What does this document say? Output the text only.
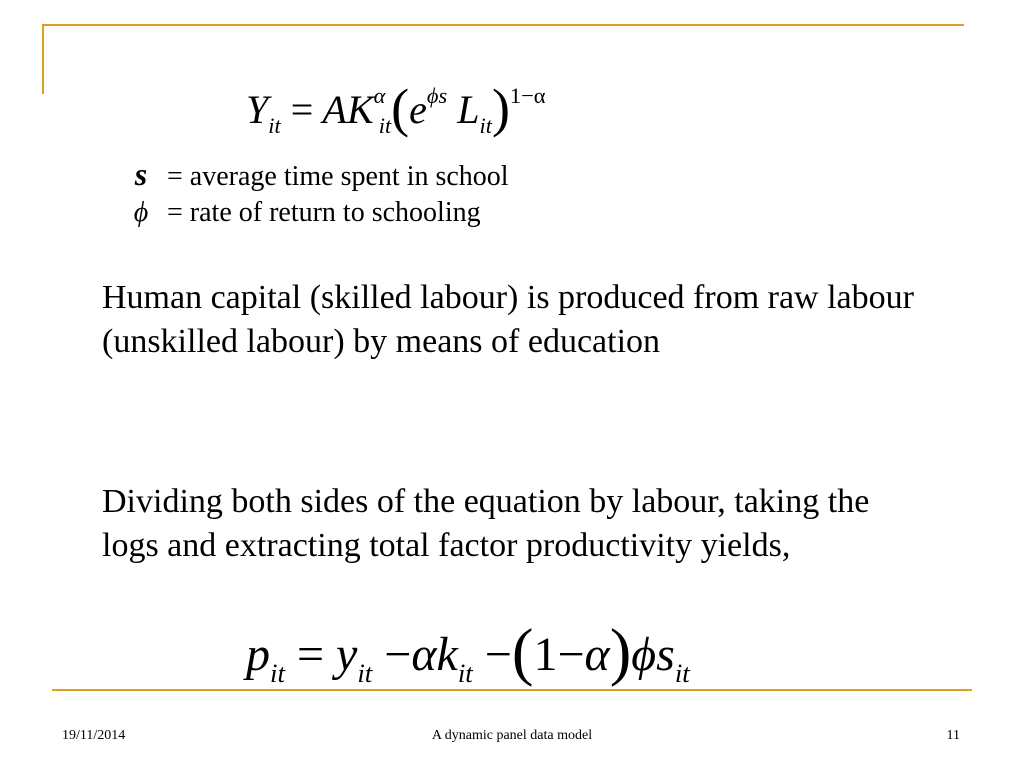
$Y_{it} = AK^\alpha_{it}(e^{\phi s}$ $L_{it})^{1-\alpha}$
s = average time spent in school
ϕ = rate of return to schooling

Human capital (skilled labour) is produced from raw labour (unskilled labour) by means of education

Dividing both sides of the equation by labour, taking the logs and extracting total factor productivity yields,

$p_{it} = y_{it} -\alpha k_{it} -(1-\alpha)\phi s_{it}$
19/11/2014	A dynamic panel data model	11
